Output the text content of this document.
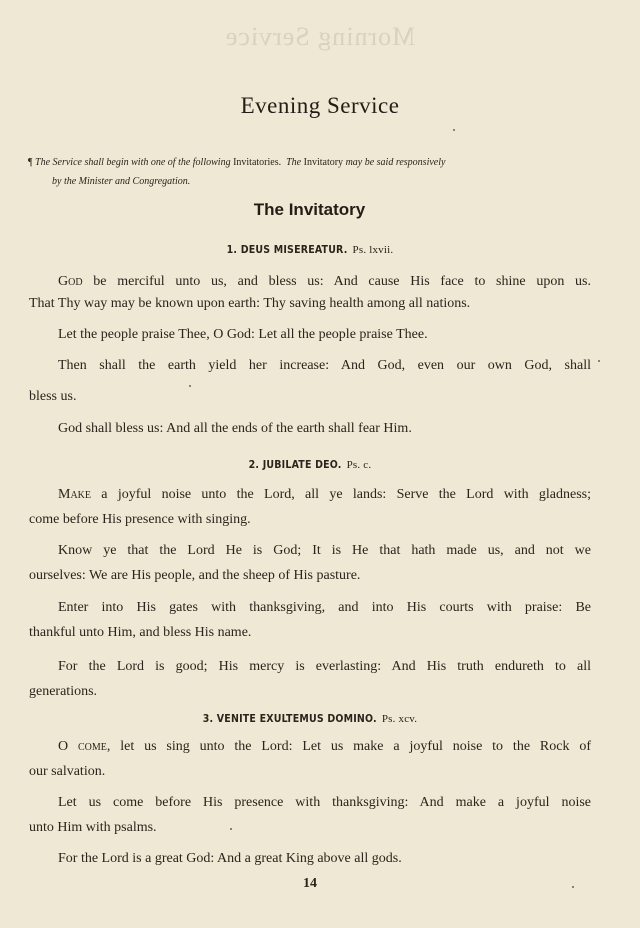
Morning Service
Evening Service
¶ The Service shall begin with one of the following Invitatories. The Invitatory may be said responsively
by the Minister and Congregation.
The Invitatory
1. DEUS MISEREATUR. Ps. lxvii.
God be merciful unto us, and bless us: And cause His face to shine upon us.
That Thy way may be known upon earth: Thy saving health among all nations.
Let the people praise Thee, O God: Let all the people praise Thee.
Then shall the earth yield her increase: And God, even our own God, shall
bless us.
God shall bless us: And all the ends of the earth shall fear Him.
2. JUBILATE DEO. Ps. c.
Make a joyful noise unto the Lord, all ye lands: Serve the Lord with gladness;
come before His presence with singing.
Know ye that the Lord He is God; It is He that hath made us, and not we
ourselves: We are His people, and the sheep of His pasture.
Enter into His gates with thanksgiving, and into His courts with praise: Be
thankful unto Him, and bless His name.
For the Lord is good; His mercy is everlasting: And His truth endureth to all
generations.
3. VENITE EXULTEMUS DOMINO. Ps. xcv.
O come, let us sing unto the Lord: Let us make a joyful noise to the Rock of
our salvation.
Let us come before His presence with thanksgiving: And make a joyful noise
unto Him with psalms.
For the Lord is a great God: And a great King above all gods.
14
